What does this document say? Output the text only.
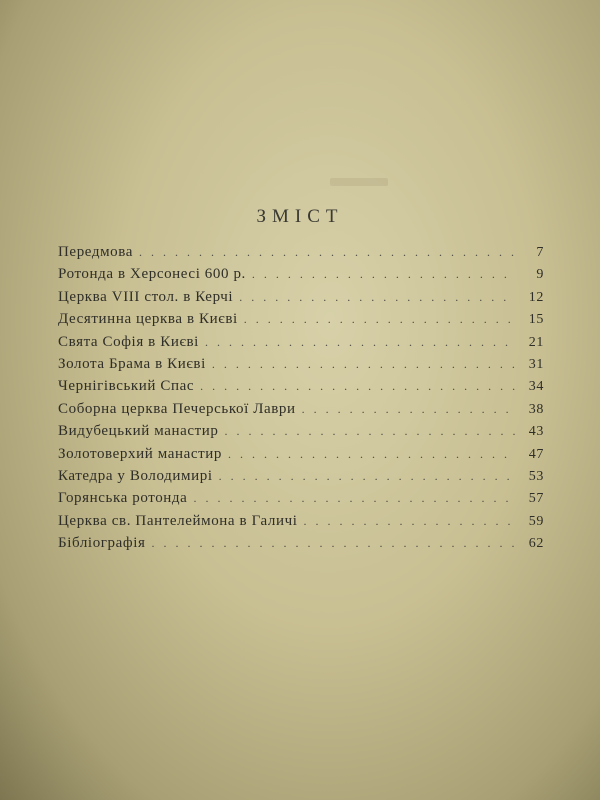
ЗМІСТ
Передмова . . .	7
Ротонда в Херсонесі 600 р. . . .	9
Церква VIII стол. в Керчі . . .	12
Десятинна церква в Києві . . .	15
Свята Софія в Києві . . .	21
Золота Брама в Києві . . .	31
Чернігівський Спас . . .	34
Соборна церква Печерської Лаври . . .	38
Видубецький манастир . . .	43
Золотоверхий манастир . . .	47
Катедра у Володимирі . . .	53
Горянська ротонда . . .	57
Церква св. Пантелеймона в Галичі . . .	59
Бібліографія . . .	62
